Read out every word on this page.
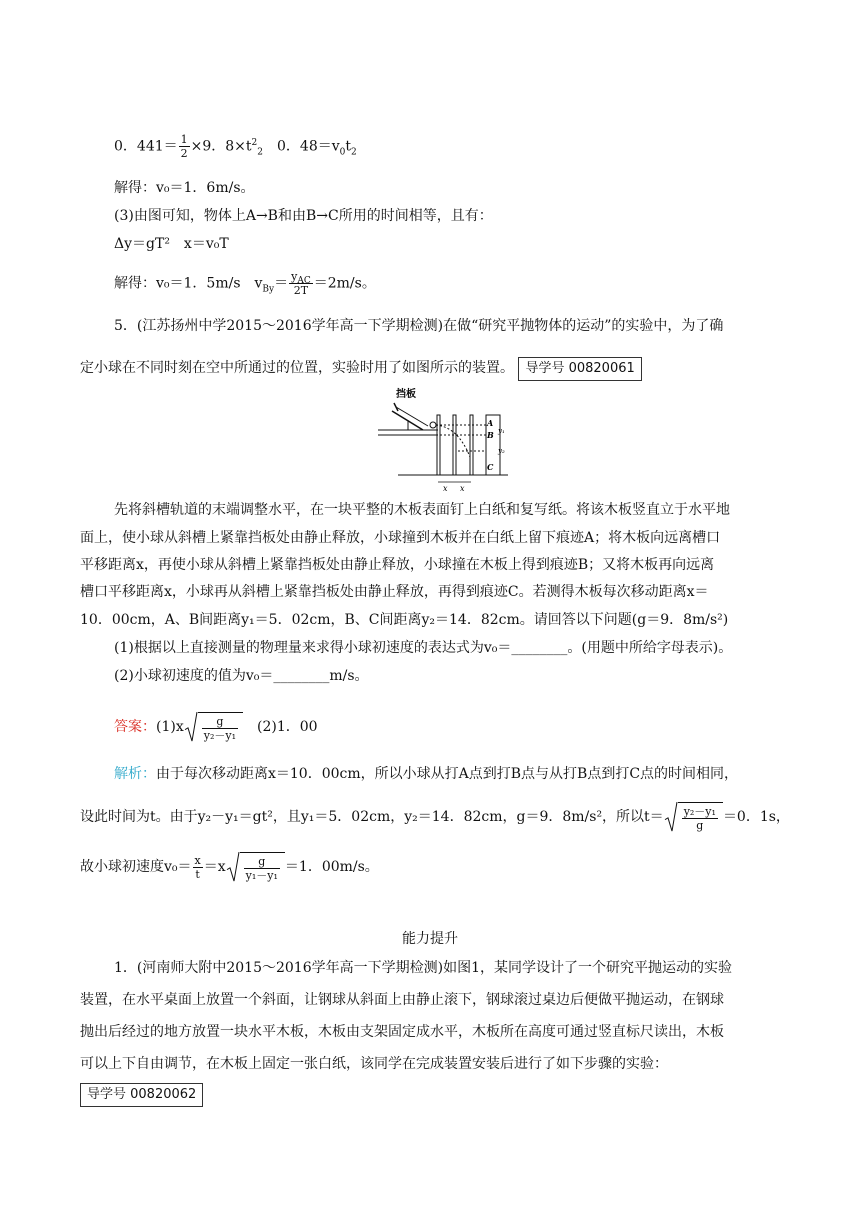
0．$441= \frac{1}{2} \times 9$．$8\times t^2_2$　0．$48=v_0t_2$
解得：v₀＝1．6m/s。
(3)由图可知，物体上A→B和由B→C所用的时间相等，且有：
Δy＝gT²　x＝v₀T
解得：v₀＝1．5m/s　$v_{By}= \frac{y_{AC}}{2T} =2m/s$。
5．(江苏扬州中学2015～2016学年高一下学期检测)在做“研究平抛物体的运动”的实验中，为了确
定小球在不同时刻在空中所通过的位置，实验时用了如图所示的装置。 导学号 00820061
挡板
A
B
C
y₁
y₂
x x
先将斜槽轨道的末端调整水平，在一块平整的木板表面钉上白纸和复写纸。将该木板竖直立于水平地
面上，使小球从斜槽上紧靠挡板处由静止释放，小球撞到木板并在白纸上留下痕迹A；将木板向远离槽口
平移距离x，再使小球从斜槽上紧靠挡板处由静止释放，小球撞在木板上得到痕迹B；又将木板再向远离
槽口平移距离x，小球再从斜槽上紧靠挡板处由静止释放，再得到痕迹C。若测得木板每次移动距离x＝
10．00cm，A、B间距离y₁＝5．02cm，B、C间距离y₂＝14．82cm。请回答以下问题(g＝9．8m/s²)
(1)根据以上直接测量的物理量来求得小球初速度的表达式为v₀＝________。(用题中所给字母表示)。
(2)小球初速度的值为v₀＝________m/s。
答案：$(1)x \frac{g}{\text{y₂－y₁}}$ 　(2)1．00
解析：由于每次移动距离x＝10．00cm，所以小球从打A点到打B点与从打B点到打C点的时间相同，
设此时间为t。由于y₂－y₁＝gt²，且y₁＝5．02cm，y₂＝14．82cm，g＝9．8m/s²，所以$t= \frac{\text{y₂－y₁}}{g} =0$．1s，
故小球初速度$v_0= \frac{x}{t} =x \frac{g}{\text{y₁－y₁}} =1$．00m/s。
能力提升
1．(河南师大附中2015～2016学年高一下学期检测)如图1，某同学设计了一个研究平抛运动的实验
装置，在水平桌面上放置一个斜面，让钢球从斜面上由静止滚下，钢球滚过桌边后便做平抛运动，在钢球
抛出后经过的地方放置一块水平木板，木板由支架固定成水平，木板所在高度可通过竖直标尺读出，木板
可以上下自由调节，在木板上固定一张白纸，该同学在完成装置安装后进行了如下步骤的实验：
导学号 00820062
